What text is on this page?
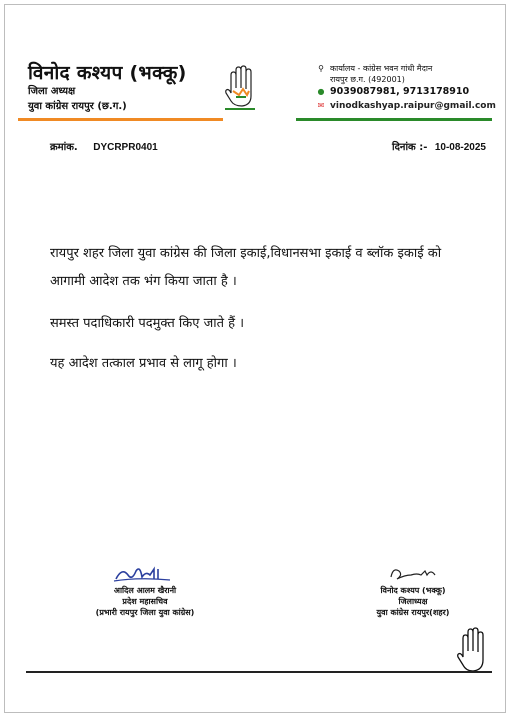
विनोद कश्यप (भक्कू)
जिला अध्यक्ष
युवा कांग्रेस रायपुर (छ.ग.)
⚲ कार्यालय - कांग्रेस भवन गांधी मैदान
रायपुर छ.ग. (492001)
● 9039087981, 9713178910
✉ vinodkashyap.raipur@gmail.com
क्रमांक. DYCRPR0401	दिनांक :- 10-08-2025

रायपुर शहर जिला युवा कांग्रेस की जिला इकाई,विधानसभा इकाई व ब्लॉक इकाई को आगामी आदेश तक भंग किया जाता है ।

समस्त पदाधिकारी पदमुक्त किए जाते हैं ।

यह आदेश तत्काल प्रभाव से लागू होगा ।

आदिल आलम खैरानी
प्रदेश महासचिव
(प्रभारी रायपुर जिला युवा कांग्रेस)
विनोद कश्यप (भक्कू)
जिलाध्यक्ष
युवा कांग्रेस रायपुर(शहर)
